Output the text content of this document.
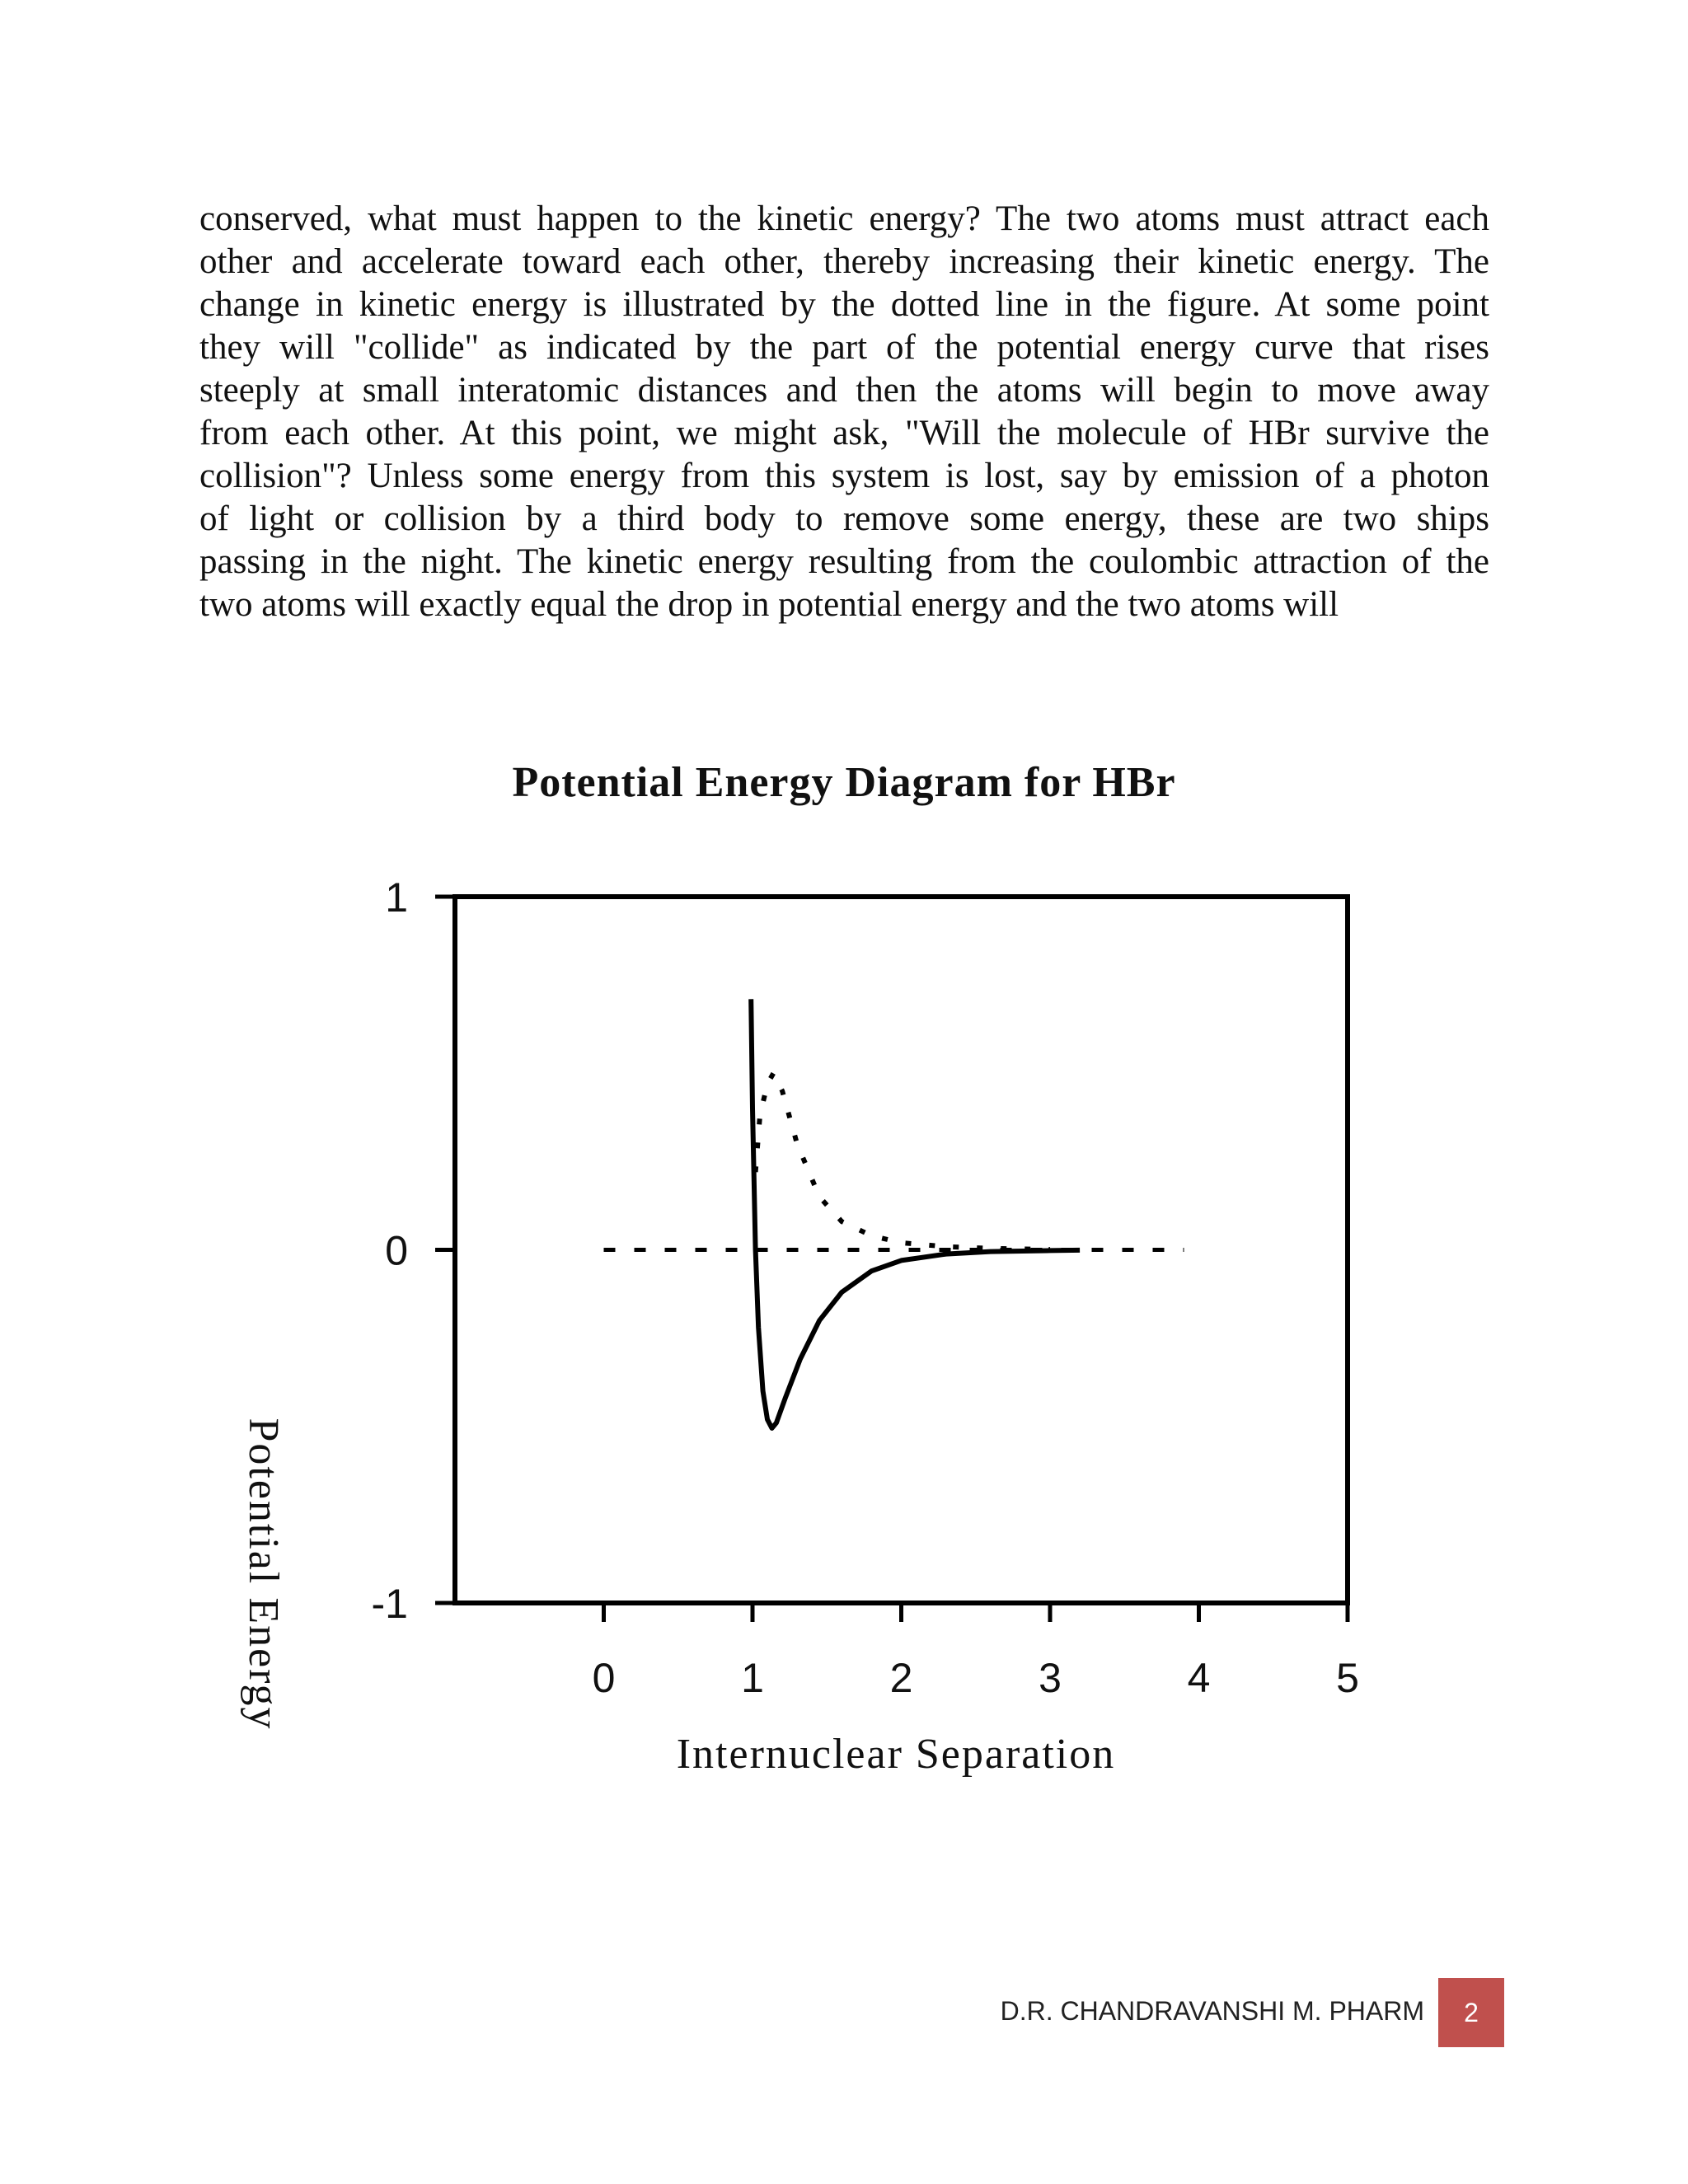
conserved, what must happen to the kinetic energy? The two atoms must attract each
other and accelerate toward each other, thereby increasing their kinetic energy. The
change in kinetic energy is illustrated by the dotted line in the figure. At some point
they will "collide" as indicated by the part of the potential energy curve that rises
steeply at small interatomic distances and then the atoms will begin to move away
from each other. At this point, we might ask, "Will the molecule of HBr survive the
collision"? Unless some energy from this system is lost, say by emission of a photon
of light or collision by a third body to remove some energy, these are two ships
passing in the night. The kinetic energy resulting from the coulombic attraction of the
two atoms will exactly equal the drop in potential energy and the two atoms will
Potential Energy Diagram for HBr
0	1	2	3	4	5
1
0
-1
Internuclear Separation
Potential Energy
D.R. CHANDRAVANSHI M. PHARM 2
